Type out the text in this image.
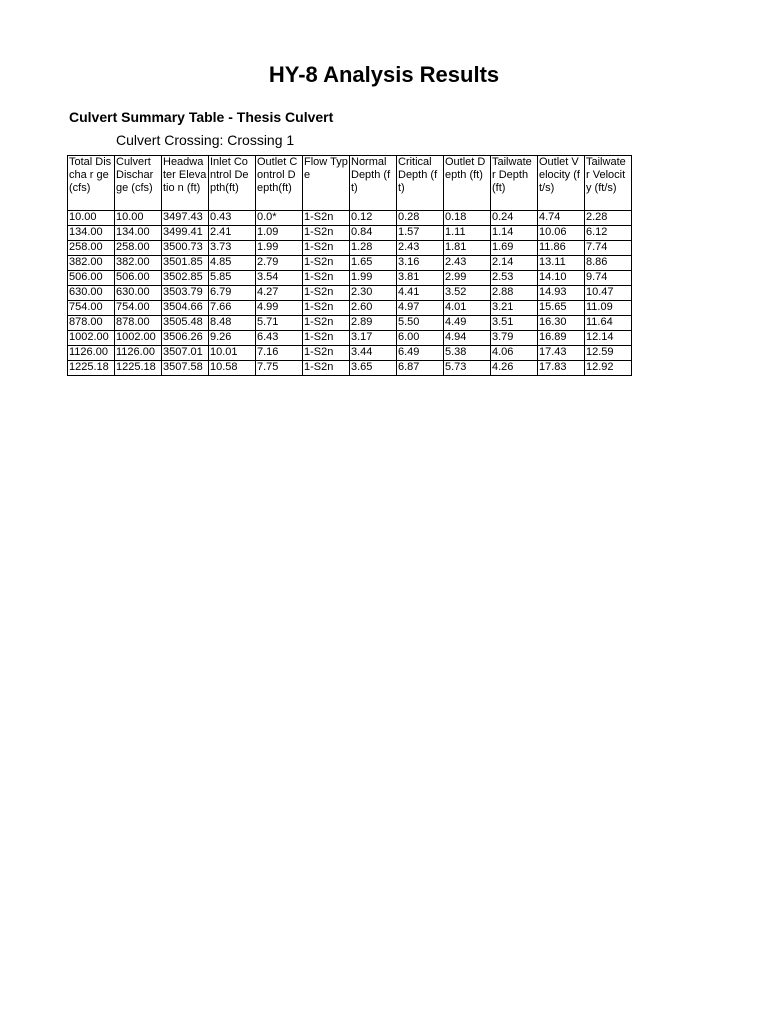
HY-8 Analysis Results
Culvert Summary Table - Thesis Culvert
Culvert Crossing: Crossing 1
Total Discha r ge (cfs)	Culvert Dischar ge (cfs)	Headwa ter Elevatio n (ft)	Inlet Control Depth(ft)	Outlet Control Depth(ft)	Flow Type	Normal Depth (ft)	Critical Depth (ft)	Outlet Depth (ft)	Tailwate r Depth (ft)	Outlet Velocity (ft/s)	Tailwate r Velocity (ft/s)
10.00	10.00	3497.43	0.43	0.0*	1-S2n	0.12	0.28	0.18	0.24	4.74	2.28
134.00	134.00	3499.41	2.41	1.09	1-S2n	0.84	1.57	1.11	1.14	10.06	6.12
258.00	258.00	3500.73	3.73	1.99	1-S2n	1.28	2.43	1.81	1.69	11.86	7.74
382.00	382.00	3501.85	4.85	2.79	1-S2n	1.65	3.16	2.43	2.14	13.11	8.86
506.00	506.00	3502.85	5.85	3.54	1-S2n	1.99	3.81	2.99	2.53	14.10	9.74
630.00	630.00	3503.79	6.79	4.27	1-S2n	2.30	4.41	3.52	2.88	14.93	10.47
754.00	754.00	3504.66	7.66	4.99	1-S2n	2.60	4.97	4.01	3.21	15.65	11.09
878.00	878.00	3505.48	8.48	5.71	1-S2n	2.89	5.50	4.49	3.51	16.30	11.64
1002.00	1002.00	3506.26	9.26	6.43	1-S2n	3.17	6.00	4.94	3.79	16.89	12.14
1126.00	1126.00	3507.01	10.01	7.16	1-S2n	3.44	6.49	5.38	4.06	17.43	12.59
1225.18	1225.18	3507.58	10.58	7.75	1-S2n	3.65	6.87	5.73	4.26	17.83	12.92
